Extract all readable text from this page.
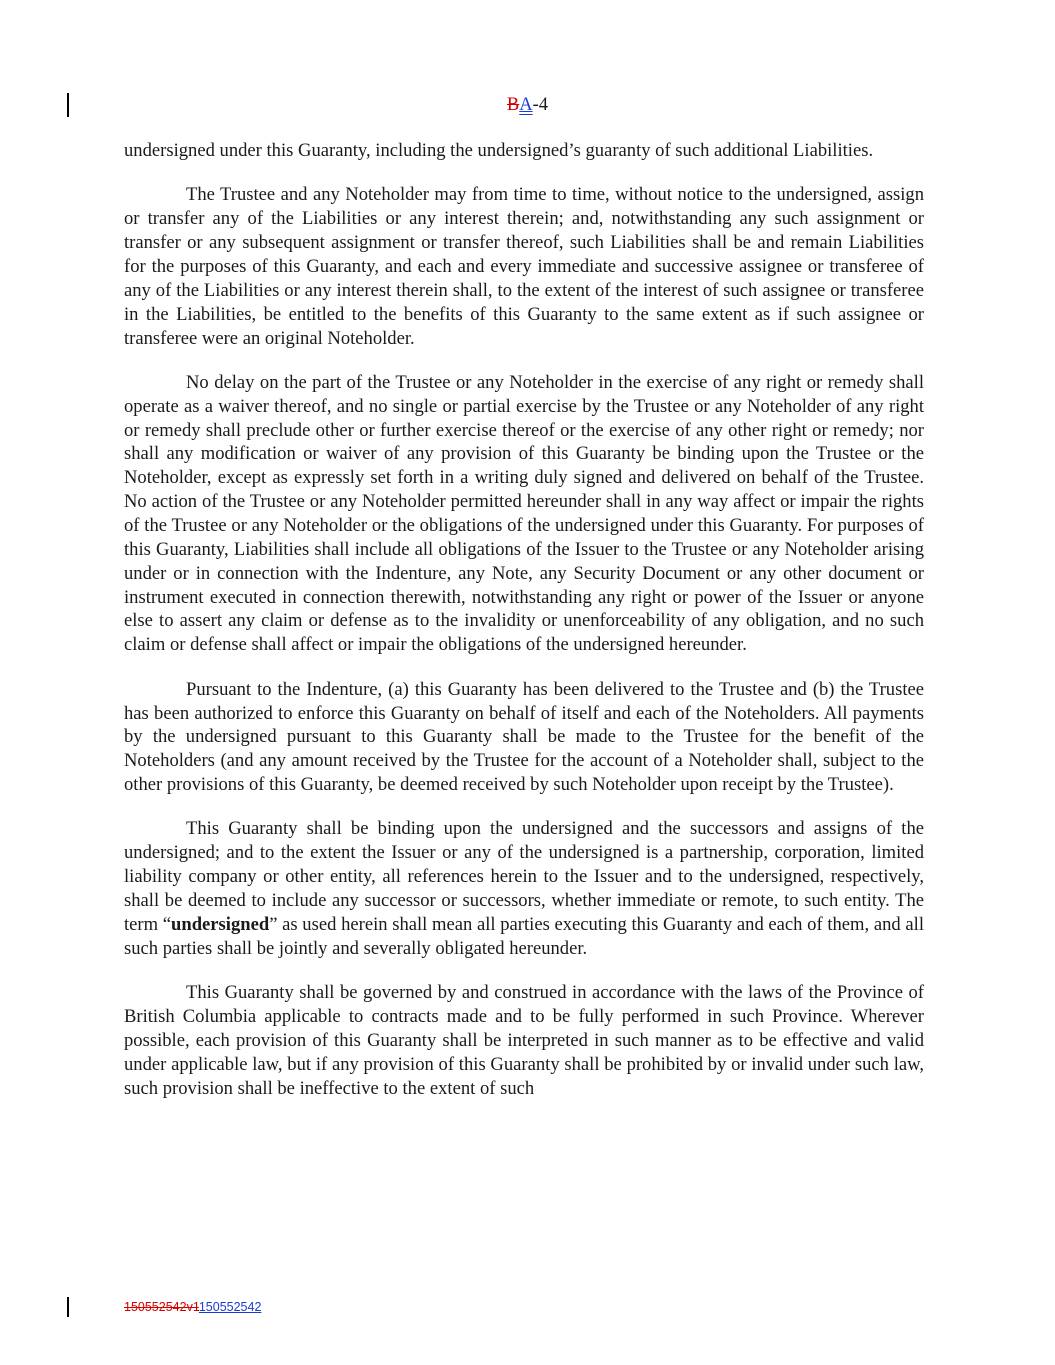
BA-4

undersigned under this Guaranty, including the undersigned’s guaranty of such additional Liabilities.

The Trustee and any Noteholder may from time to time, without notice to the undersigned, assign or transfer any of the Liabilities or any interest therein; and, notwithstanding any such assignment or transfer or any subsequent assignment or transfer thereof, such Liabilities shall be and remain Liabilities for the purposes of this Guaranty, and each and every immediate and successive assignee or transferee of any of the Liabilities or any interest therein shall, to the extent of the interest of such assignee or transferee in the Liabilities, be entitled to the benefits of this Guaranty to the same extent as if such assignee or transferee were an original Noteholder.

No delay on the part of the Trustee or any Noteholder in the exercise of any right or remedy shall operate as a waiver thereof, and no single or partial exercise by the Trustee or any Noteholder of any right or remedy shall preclude other or further exercise thereof or the exercise of any other right or remedy; nor shall any modification or waiver of any provision of this Guaranty be binding upon the Trustee or the Noteholder, except as expressly set forth in a writing duly signed and delivered on behalf of the Trustee. No action of the Trustee or any Noteholder permitted hereunder shall in any way affect or impair the rights of the Trustee or any Noteholder or the obligations of the undersigned under this Guaranty. For purposes of this Guaranty, Liabilities shall include all obligations of the Issuer to the Trustee or any Noteholder arising under or in connection with the Indenture, any Note, any Security Document or any other document or instrument executed in connection therewith, notwithstanding any right or power of the Issuer or anyone else to assert any claim or defense as to the invalidity or unenforceability of any obligation, and no such claim or defense shall affect or impair the obligations of the undersigned hereunder.

Pursuant to the Indenture, (a) this Guaranty has been delivered to the Trustee and (b) the Trustee has been authorized to enforce this Guaranty on behalf of itself and each of the Noteholders. All payments by the undersigned pursuant to this Guaranty shall be made to the Trustee for the benefit of the Noteholders (and any amount received by the Trustee for the account of a Noteholder shall, subject to the other provisions of this Guaranty, be deemed received by such Noteholder upon receipt by the Trustee).

This Guaranty shall be binding upon the undersigned and the successors and assigns of the undersigned; and to the extent the Issuer or any of the undersigned is a partnership, corporation, limited liability company or other entity, all references herein to the Issuer and to the undersigned, respectively, shall be deemed to include any successor or successors, whether immediate or remote, to such entity. The term “undersigned” as used herein shall mean all parties executing this Guaranty and each of them, and all such parties shall be jointly and severally obligated hereunder.

This Guaranty shall be governed by and construed in accordance with the laws of the Province of British Columbia applicable to contracts made and to be fully performed in such Province. Wherever possible, each provision of this Guaranty shall be interpreted in such manner as to be effective and valid under applicable law, but if any provision of this Guaranty shall be prohibited by or invalid under such law, such provision shall be ineffective to the extent of such

150552542v1150552542
